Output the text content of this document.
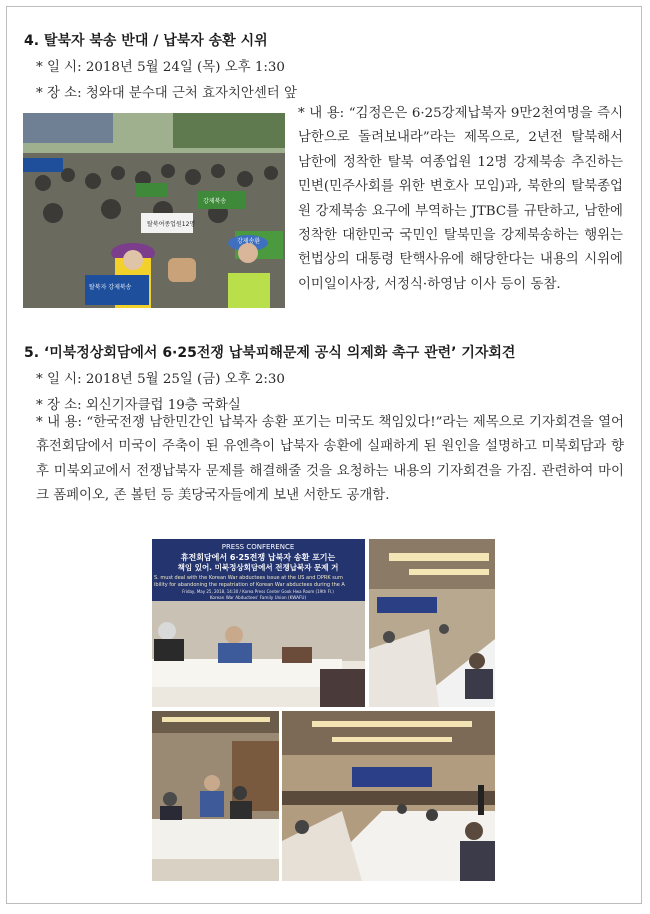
4. 탈북자 북송 반대 / 납북자 송환 시위
* 일 시: 2018년 5월 24일 (목) 오후 1:30
* 장 소: 청와대 분수대 근처 효자치안센터 앞
탈북여종업원12명
강제송환
탈북자 강제북송
강제북송
* 내 용: “김정은은 6·25강제납북자 9만2천여명을 즉시 남한으로 돌려보내라”라는 제목으로, 2년전 탈북해서 남한에 정착한 탈북 여종업원 12명 강제북송 추진하는 민변(민주사회를 위한 변호사 모임)과, 북한의 탈북종업원 강제북송 요구에 부역하는 JTBC를 규탄하고, 남한에 정착한 대한민국 국민인 탈북민을 강제북송하는 행위는 헌법상의 대통령 탄핵사유에 해당한다는 내용의 시위에 이미일이사장, 서정식·하영남 이사 등이 동참.
5. ‘미북정상회담에서 6·25전쟁 납북피해문제 공식 의제화 촉구 관련’ 기자회견
* 일 시: 2018년 5월 25일 (금) 오후 2:30
* 장 소: 외신기자클럽 19층 국화실
* 내 용: “한국전쟁 남한민간인 납북자 송환 포기는 미국도 책임있다!”라는 제목으로 기자회견을 열어 휴전회담에서 미국이 주축이 된 유엔측이 납북자 송환에 실패하게 된 원인을 설명하고 미북회담과 향후 미북외교에서 전쟁납북자 문제를 해결해줄 것을 요청하는 내용의 기자회견을 가짐. 관련하여 마이크 폼페이오, 존 볼턴 등 美당국자들에게 보낸 서한도 공개함.
PRESS CONFERENCE
휴전회담에서 6·25전쟁 납북자 송환 포기는
책임 있어. 미북정상회담에서 전쟁납북자 문제 거
S. must deal with the Korean War abductees issue at the US and DPRK sum
ibility for abandoning the repatriation of Korean War abductees during the A
Friday, May 25, 2018, 14:30 / Korea Press Center Gook Hwa Room (19th Fl.)
Korean War Abductees' Family Union (KWAFU)
